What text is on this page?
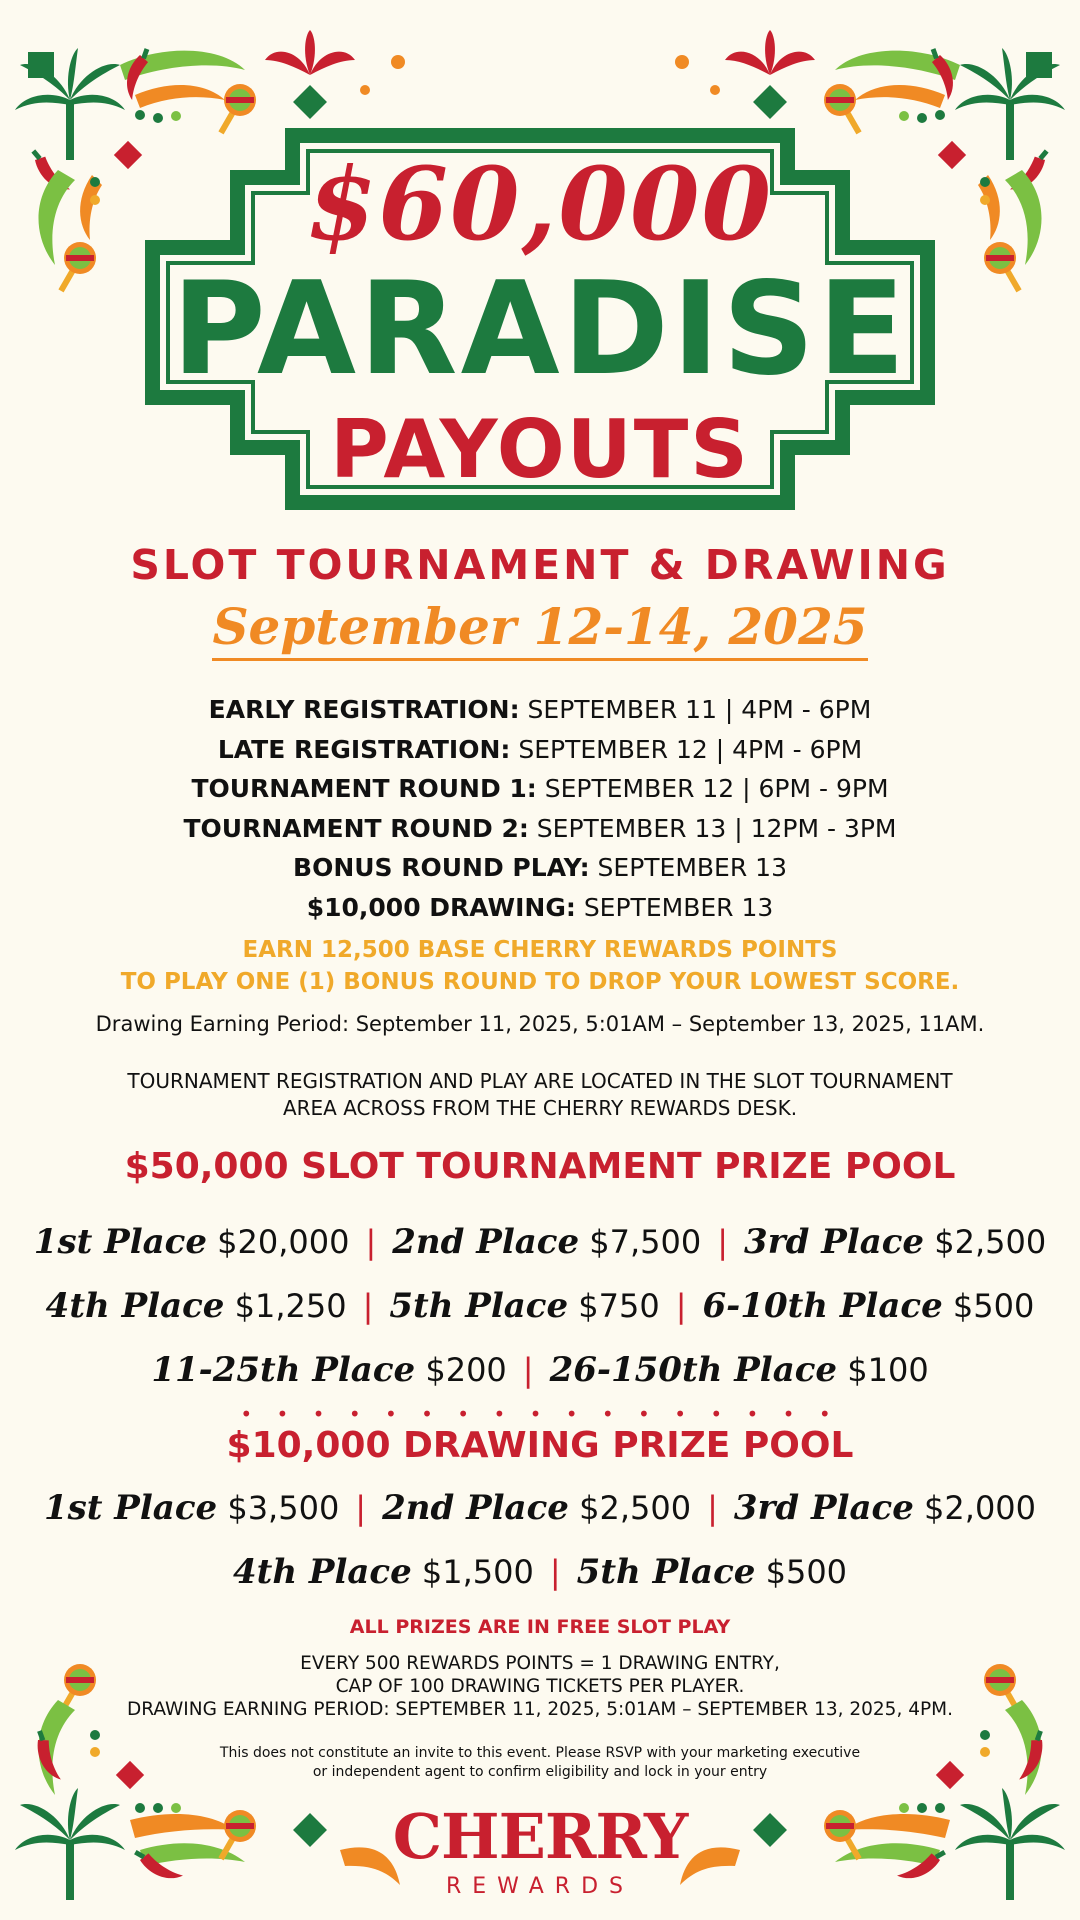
$60,000
PARADISE
PAYOUTS
SLOT TOURNAMENT & DRAWING
September 12-14, 2025
EARLY REGISTRATION: SEPTEMBER 11 | 4PM - 6PM
LATE REGISTRATION: SEPTEMBER 12 | 4PM - 6PM
TOURNAMENT ROUND 1: SEPTEMBER 12 | 6PM - 9PM
TOURNAMENT ROUND 2: SEPTEMBER 13 | 12PM - 3PM
BONUS ROUND PLAY: SEPTEMBER 13
$10,000 DRAWING: SEPTEMBER 13
EARN 12,500 BASE CHERRY REWARDS POINTS
TO PLAY ONE (1) BONUS ROUND TO DROP YOUR LOWEST SCORE.
Drawing Earning Period: September 11, 2025, 5:01AM – September 13, 2025, 11AM.
TOURNAMENT REGISTRATION AND PLAY ARE LOCATED IN THE SLOT TOURNAMENT
AREA ACROSS FROM THE CHERRY REWARDS DESK.
$50,000 SLOT TOURNAMENT PRIZE POOL
1st Place $20,000 | 2nd Place $7,500 | 3rd Place $2,500
4th Place $1,250 | 5th Place $750 | 6-10th Place $500
11-25th Place $200 | 26-150th Place $100
• • • • • • • • • • • • • • • • •
$10,000 DRAWING PRIZE POOL
1st Place $3,500 | 2nd Place $2,500 | 3rd Place $2,000
4th Place $1,500 | 5th Place $500
ALL PRIZES ARE IN FREE SLOT PLAY
EVERY 500 REWARDS POINTS = 1 DRAWING ENTRY,
CAP OF 100 DRAWING TICKETS PER PLAYER.
DRAWING EARNING PERIOD: SEPTEMBER 11, 2025, 5:01AM – SEPTEMBER 13, 2025, 4PM.
This does not constitute an invite to this event. Please RSVP with your marketing executive
or independent agent to confirm eligibility and lock in your entry
CHERRY
REWARDS
